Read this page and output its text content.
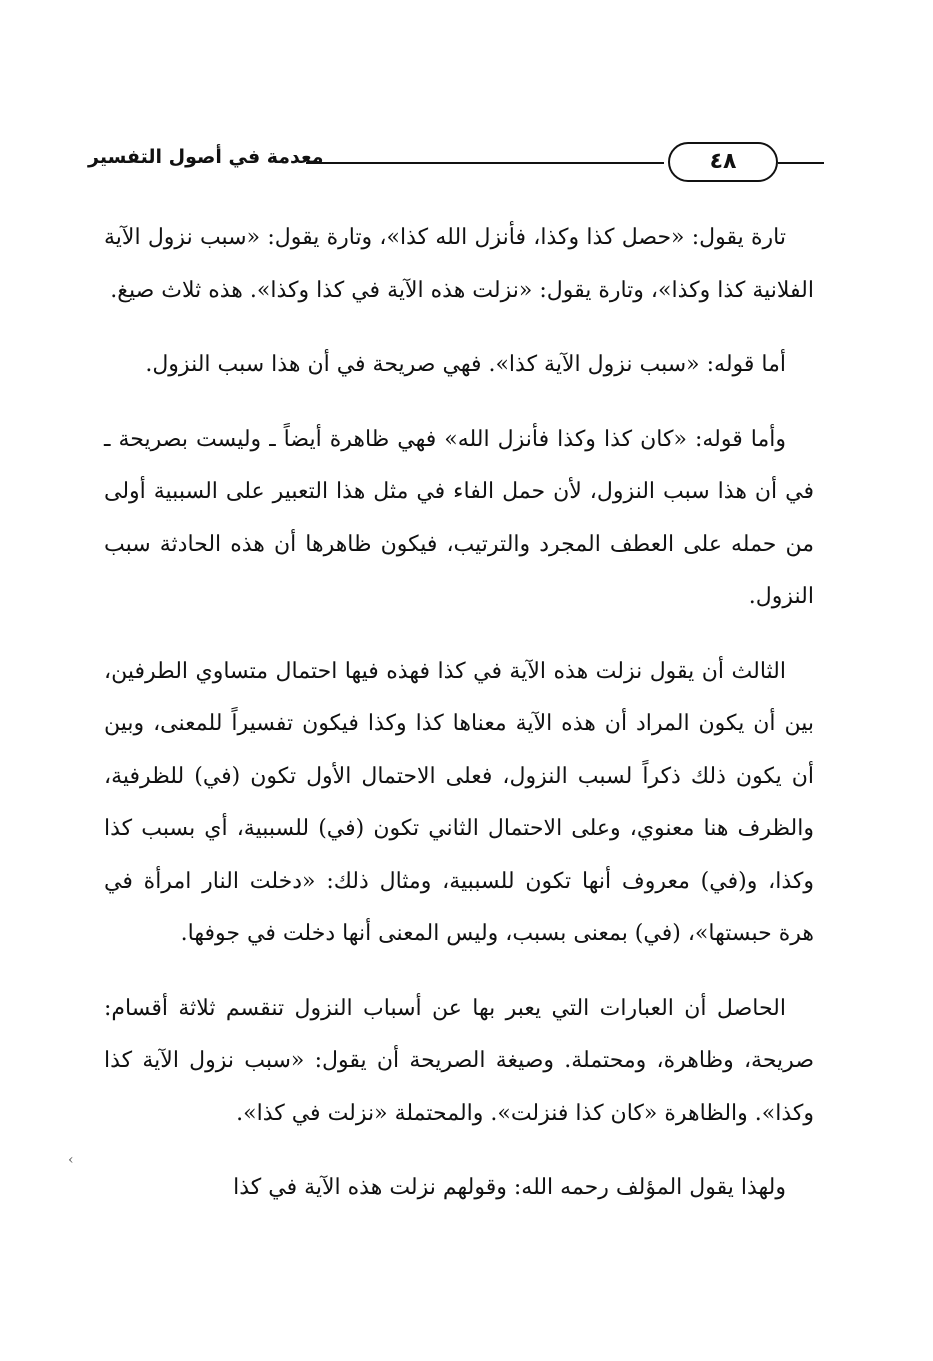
معدمة في أصول التفسير	٤٨

تارة يقول: «حصل كذا وكذا، فأنزل الله كذا»، وتارة يقول: «سبب نزول الآية الفلانية كذا وكذا»، وتارة يقول: «نزلت هذه الآية في كذا وكذا». هذه ثلاث صيغ.

أما قوله: «سبب نزول الآية كذا». فهي صريحة في أن هذا سبب النزول.

وأما قوله: «كان كذا وكذا فأنزل الله» فهي ظاهرة أيضاً ـ وليست بصريحة ـ في أن هذا سبب النزول، لأن حمل الفاء في مثل هذا التعبير على السببية أولى من حمله على العطف المجرد والترتيب، فيكون ظاهرها أن هذه الحادثة سبب النزول.

الثالث أن يقول نزلت هذه الآية في كذا فهذه فيها احتمال متساوي الطرفين، بين أن يكون المراد أن هذه الآية معناها كذا وكذا فيكون تفسيراً للمعنى، وبين أن يكون ذلك ذكراً لسبب النزول، فعلى الاحتمال الأول تكون (في) للظرفية، والظرف هنا معنوي، وعلى الاحتمال الثاني تكون (في) للسببية، أي بسبب كذا وكذا، و(في) معروف أنها تكون للسببية، ومثال ذلك: «دخلت النار امرأة في هرة حبستها»، (في) بمعنى بسبب، وليس المعنى أنها دخلت في جوفها.

الحاصل أن العبارات التي يعبر بها عن أسباب النزول تنقسم ثلاثة أقسام: صريحة، وظاهرة، ومحتملة. وصيغة الصريحة أن يقول: «سبب نزول الآية كذا وكذا». والظاهرة «كان كذا فنزلت». والمحتملة «نزلت في كذا».

ولهذا يقول المؤلف رحمه الله: وقولهم نزلت هذه الآية في كذا

›
